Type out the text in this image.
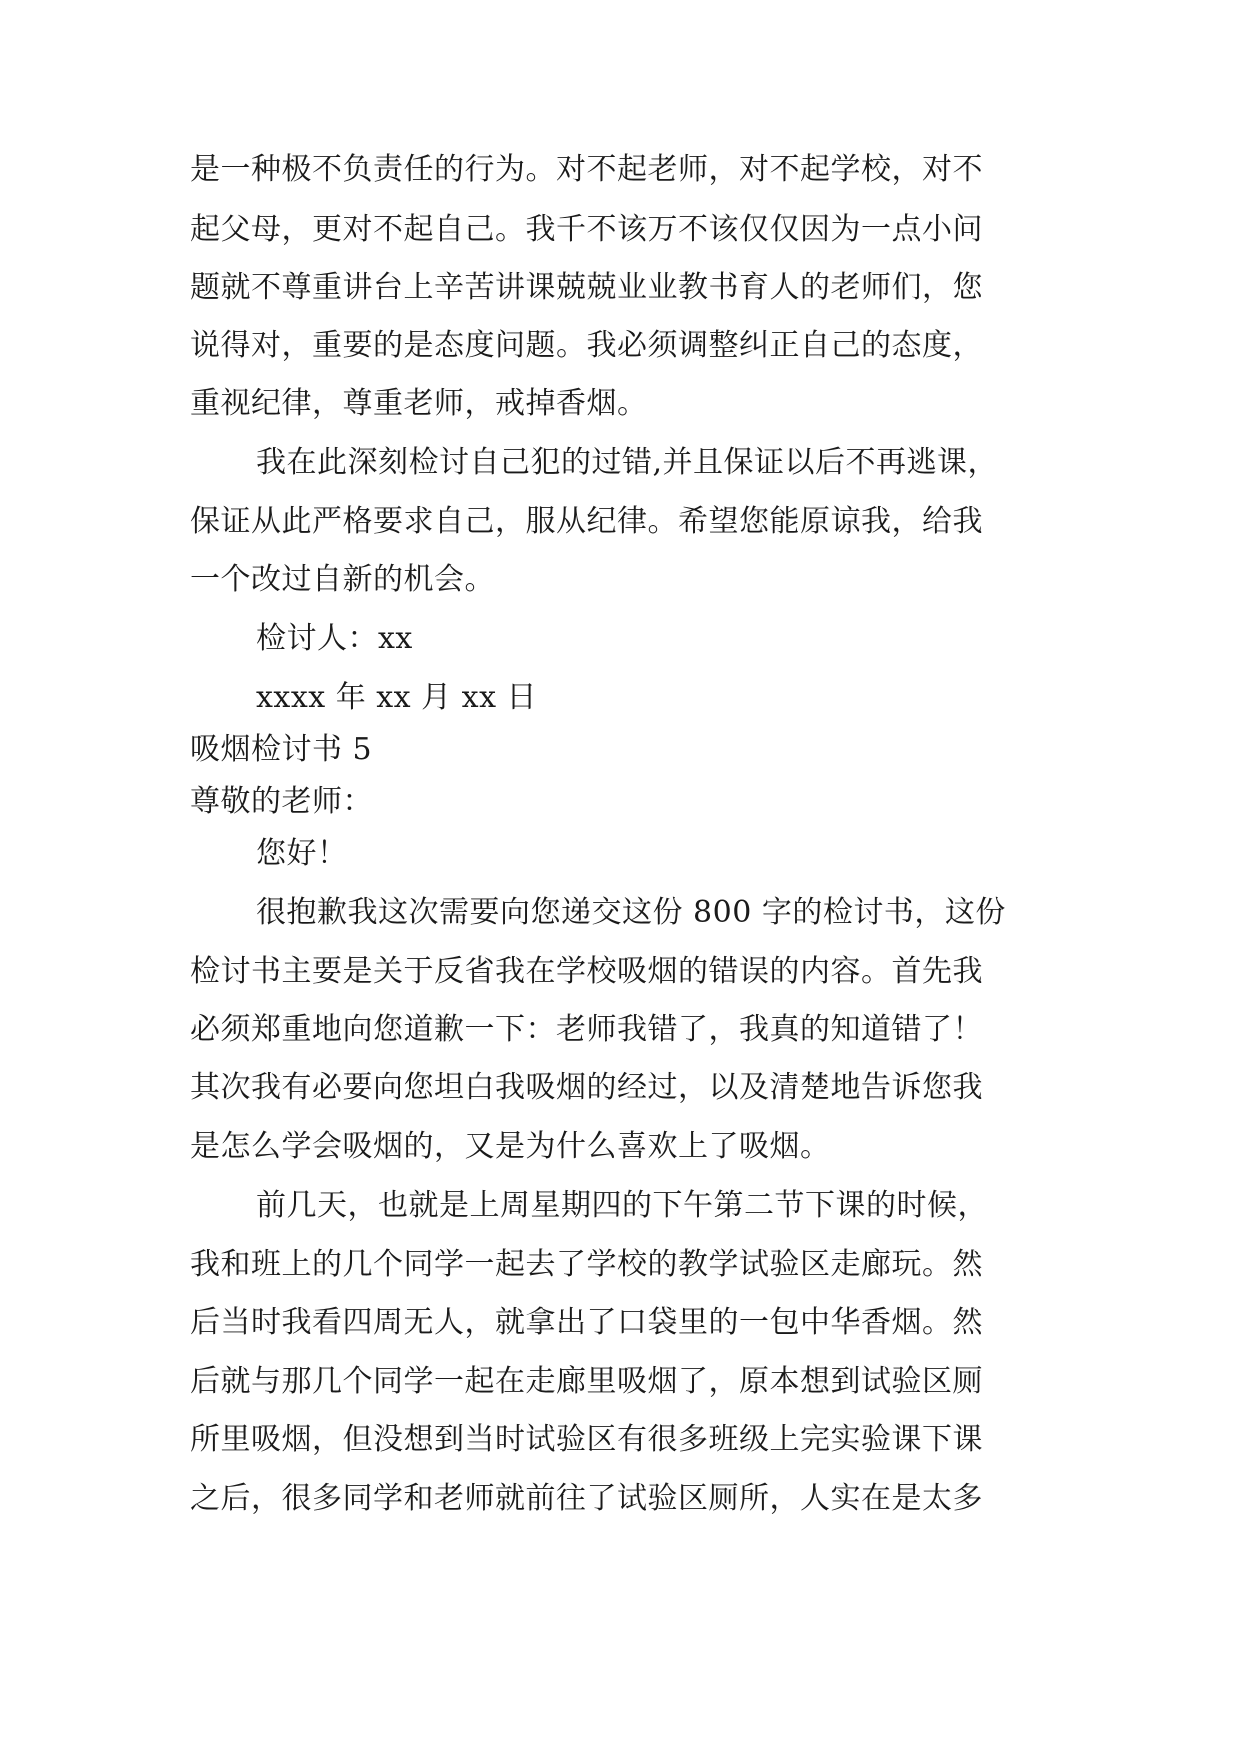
是一种极不负责任的行为。对不起老师，对不起学校，对不
起父母，更对不起自己。我千不该万不该仅仅因为一点小问
题就不尊重讲台上辛苦讲课兢兢业业教书育人的老师们，您
说得对，重要的是态度问题。我必须调整纠正自己的态度，
重视纪律，尊重老师，戒掉香烟。
我在此深刻检讨自己犯的过错,并且保证以后不再逃课，
保证从此严格要求自己，服从纪律。希望您能原谅我，给我
一个改过自新的机会。
检讨人：xx
xxxx 年 xx 月 xx 日
吸烟检讨书 5
尊敬的老师：
您好！
很抱歉我这次需要向您递交这份 800 字的检讨书，这份
检讨书主要是关于反省我在学校吸烟的错误的内容。首先我
必须郑重地向您道歉一下：老师我错了，我真的知道错了！
其次我有必要向您坦白我吸烟的经过，以及清楚地告诉您我
是怎么学会吸烟的，又是为什么喜欢上了吸烟。
前几天，也就是上周星期四的下午第二节下课的时候，
我和班上的几个同学一起去了学校的教学试验区走廊玩。然
后当时我看四周无人，就拿出了口袋里的一包中华香烟。然
后就与那几个同学一起在走廊里吸烟了，原本想到试验区厕
所里吸烟，但没想到当时试验区有很多班级上完实验课下课
之后，很多同学和老师就前往了试验区厕所，人实在是太多
